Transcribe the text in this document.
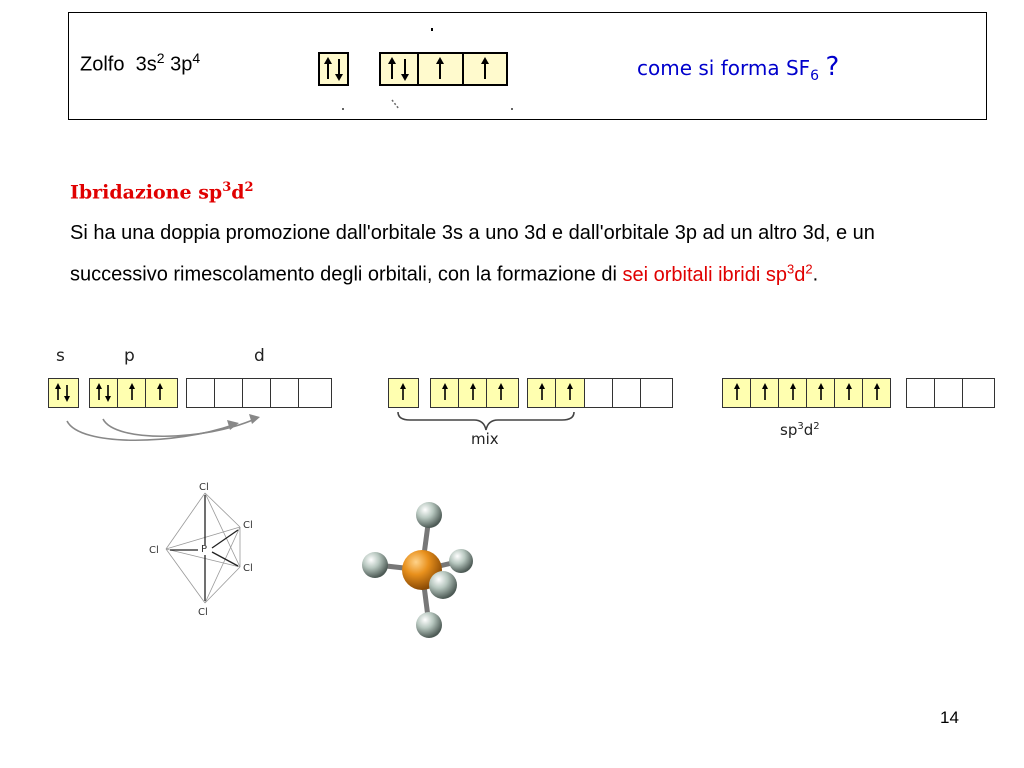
Zolfo $3s^2$ $3p^4$	come si forma $SF_6$ ?
Ibridazione $sp^3d^2$
Si ha una doppia promozione dall'orbitale 3s a uno 3d e dall'orbitale 3p ad un altro 3d, e un successivo rimescolamento degli orbitali, con la formazione di sei orbitali ibridi $sp^3d^2$.
s	p	d
mix	$sp^3d^2$
Cl
Cl
Cl
Cl
Cl
P
14
